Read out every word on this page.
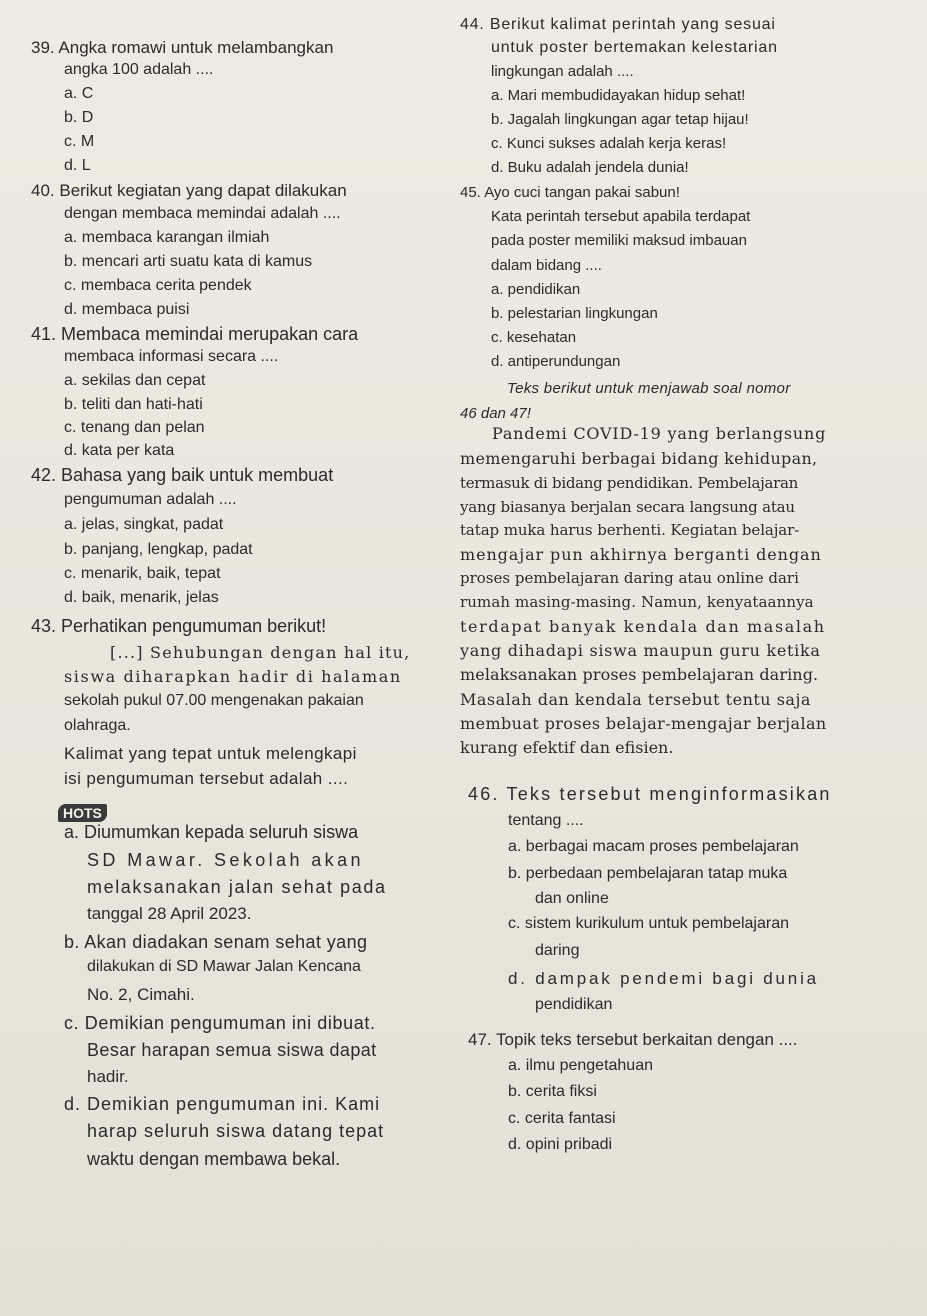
39. Angka romawi untuk melambangkan
angka 100 adalah ....
a. C
b. D
c. M
d. L
40. Berikut kegiatan yang dapat dilakukan
dengan membaca memindai adalah ....
a. membaca karangan ilmiah
b. mencari arti suatu kata di kamus
c. membaca cerita pendek
d. membaca puisi
41. Membaca memindai merupakan cara
membaca informasi secara ....
a. sekilas dan cepat
b. teliti dan hati-hati
c. tenang dan pelan
d. kata per kata
42. Bahasa yang baik untuk membuat
pengumuman adalah ....
a. jelas, singkat, padat
b. panjang, lengkap, padat
c. menarik, baik, tepat
d. baik, menarik, jelas
43. Perhatikan pengumuman berikut!
[...] Sehubungan dengan hal itu,
siswa diharapkan hadir di halaman
sekolah pukul 07.00 mengenakan pakaian
olahraga.
Kalimat yang tepat untuk melengkapi
isi pengumuman tersebut adalah ....
HOTS
a. Diumumkan kepada seluruh siswa
SD Mawar. Sekolah akan
melaksanakan jalan sehat pada
tanggal 28 April 2023.
b. Akan diadakan senam sehat yang
dilakukan di SD Mawar Jalan Kencana
No. 2, Cimahi.
c. Demikian pengumuman ini dibuat.
Besar harapan semua siswa dapat
hadir.
d. Demikian pengumuman ini. Kami
harap seluruh siswa datang tepat
waktu dengan membawa bekal.
44. Berikut kalimat perintah yang sesuai
untuk poster bertemakan kelestarian
lingkungan adalah ....
a. Mari membudidayakan hidup sehat!
b. Jagalah lingkungan agar tetap hijau!
c. Kunci sukses adalah kerja keras!
d. Buku adalah jendela dunia!
45. Ayo cuci tangan pakai sabun!
Kata perintah tersebut apabila terdapat
pada poster memiliki maksud imbauan
dalam bidang ....
a. pendidikan
b. pelestarian lingkungan
c. kesehatan
d. antiperundungan
Teks berikut untuk menjawab soal nomor
46 dan 47!
Pandemi COVID-19 yang berlangsung
memengaruhi berbagai bidang kehidupan,
termasuk di bidang pendidikan. Pembelajaran
yang biasanya berjalan secara langsung atau
tatap muka harus berhenti. Kegiatan belajar-
mengajar pun akhirnya berganti dengan
proses pembelajaran daring atau online dari
rumah masing-masing. Namun, kenyataannya
terdapat banyak kendala dan masalah
yang dihadapi siswa maupun guru ketika
melaksanakan proses pembelajaran daring.
Masalah dan kendala tersebut tentu saja
membuat proses belajar-mengajar berjalan
kurang efektif dan efisien.
46. Teks tersebut menginformasikan
tentang ....
a. berbagai macam proses pembelajaran
b. perbedaan pembelajaran tatap muka
dan online
c. sistem kurikulum untuk pembelajaran
daring
d. dampak pendemi bagi dunia
pendidikan
47. Topik teks tersebut berkaitan dengan ....
a. ilmu pengetahuan
b. cerita fiksi
c. cerita fantasi
d. opini pribadi
